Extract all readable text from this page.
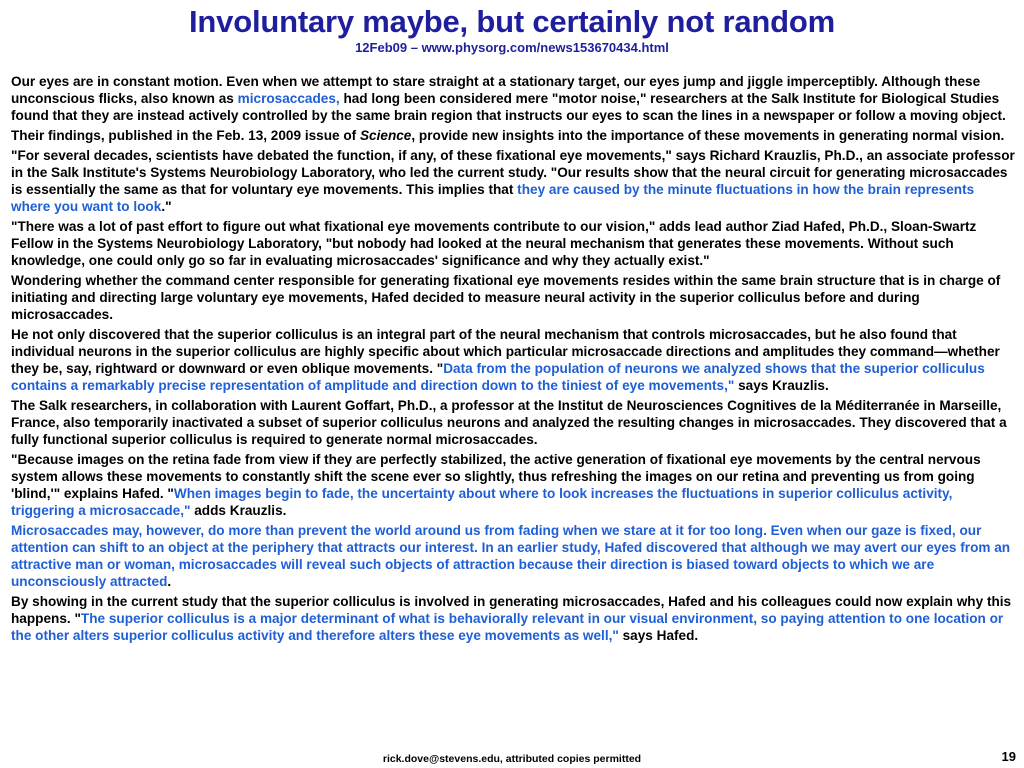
Involuntary maybe, but certainly not random
12Feb09 – www.physorg.com/news153670434.html

Our eyes are in constant motion. Even when we attempt to stare straight at a stationary target, our eyes jump and jiggle imperceptibly. Although these unconscious flicks, also known as microsaccades, had long been considered mere "motor noise," researchers at the Salk Institute for Biological Studies found that they are instead actively controlled by the same brain region that instructs our eyes to scan the lines in a newspaper or follow a moving object.

Their findings, published in the Feb. 13, 2009 issue of Science, provide new insights into the importance of these movements in generating normal vision.

"For several decades, scientists have debated the function, if any, of these fixational eye movements," says Richard Krauzlis, Ph.D., an associate professor in the Salk Institute's Systems Neurobiology Laboratory, who led the current study. "Our results show that the neural circuit for generating microsaccades is essentially the same as that for voluntary eye movements. This implies that they are caused by the minute fluctuations in how the brain represents where you want to look."

"There was a lot of past effort to figure out what fixational eye movements contribute to our vision," adds lead author Ziad Hafed, Ph.D., Sloan-Swartz Fellow in the Systems Neurobiology Laboratory, "but nobody had looked at the neural mechanism that generates these movements. Without such knowledge, one could only go so far in evaluating microsaccades' significance and why they actually exist."

Wondering whether the command center responsible for generating fixational eye movements resides within the same brain structure that is in charge of initiating and directing large voluntary eye movements, Hafed decided to measure neural activity in the superior colliculus before and during microsaccades.

He not only discovered that the superior colliculus is an integral part of the neural mechanism that controls microsaccades, but he also found that individual neurons in the superior colliculus are highly specific about which particular microsaccade directions and amplitudes they command—whether they be, say, rightward or downward or even oblique movements. "Data from the population of neurons we analyzed shows that the superior colliculus contains a remarkably precise representation of amplitude and direction down to the tiniest of eye movements," says Krauzlis.

The Salk researchers, in collaboration with Laurent Goffart, Ph.D., a professor at the Institut de Neurosciences Cognitives de la Méditerranée in Marseille, France, also temporarily inactivated a subset of superior colliculus neurons and analyzed the resulting changes in microsaccades. They discovered that a fully functional superior colliculus is required to generate normal microsaccades.

"Because images on the retina fade from view if they are perfectly stabilized, the active generation of fixational eye movements by the central nervous system allows these movements to constantly shift the scene ever so slightly, thus refreshing the images on our retina and preventing us from going 'blind,'" explains Hafed. "When images begin to fade, the uncertainty about where to look increases the fluctuations in superior colliculus activity, triggering a microsaccade," adds Krauzlis.

Microsaccades may, however, do more than prevent the world around us from fading when we stare at it for too long. Even when our gaze is fixed, our attention can shift to an object at the periphery that attracts our interest. In an earlier study, Hafed discovered that although we may avert our eyes from an attractive man or woman, microsaccades will reveal such objects of attraction because their direction is biased toward objects to which we are unconsciously attracted.

By showing in the current study that the superior colliculus is involved in generating microsaccades, Hafed and his colleagues could now explain why this happens. "The superior colliculus is a major determinant of what is behaviorally relevant in our visual environment, so paying attention to one location or the other alters superior colliculus activity and therefore alters these eye movements as well," says Hafed.

rick.dove@stevens.edu, attributed copies permitted	19
